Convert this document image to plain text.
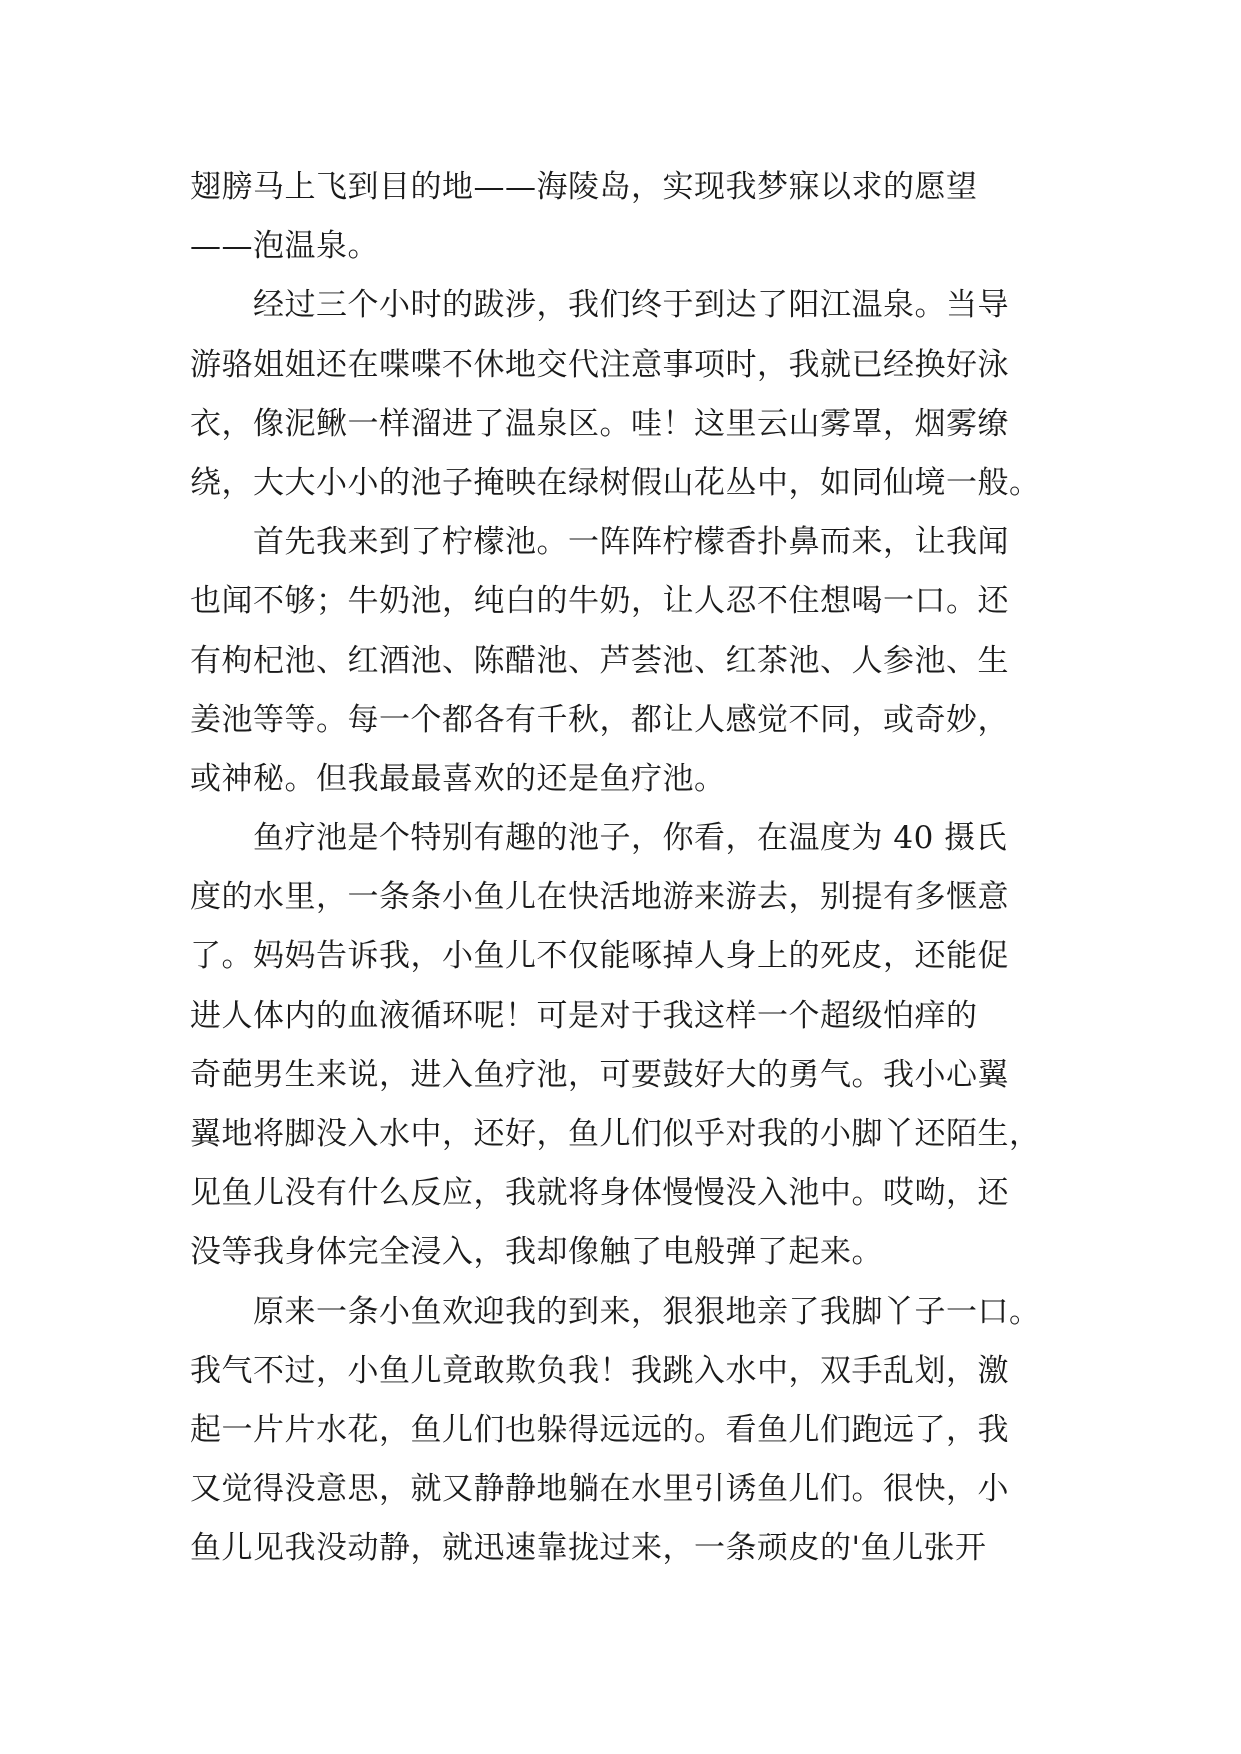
翅膀马上飞到目的地——海陵岛，实现我梦寐以求的愿望
——泡温泉。
　　经过三个小时的跋涉，我们终于到达了阳江温泉。当导
游骆姐姐还在喋喋不休地交代注意事项时，我就已经换好泳
衣，像泥鳅一样溜进了温泉区。哇！这里云山雾罩，烟雾缭
绕，大大小小的池子掩映在绿树假山花丛中，如同仙境一般。
　　首先我来到了柠檬池。一阵阵柠檬香扑鼻而来，让我闻
也闻不够；牛奶池，纯白的牛奶，让人忍不住想喝一口。还
有枸杞池、红酒池、陈醋池、芦荟池、红茶池、人参池、生
姜池等等。每一个都各有千秋，都让人感觉不同，或奇妙，
或神秘。但我最最喜欢的还是鱼疗池。
　　鱼疗池是个特别有趣的池子，你看，在温度为 40 摄氏
度的水里，一条条小鱼儿在快活地游来游去，别提有多惬意
了。妈妈告诉我，小鱼儿不仅能啄掉人身上的死皮，还能促
进人体内的血液循环呢！可是对于我这样一个超级怕痒的
奇葩男生来说，进入鱼疗池，可要鼓好大的勇气。我小心翼
翼地将脚没入水中，还好，鱼儿们似乎对我的小脚丫还陌生，
见鱼儿没有什么反应，我就将身体慢慢没入池中。哎呦，还
没等我身体完全浸入，我却像触了电般弹了起来。
　　原来一条小鱼欢迎我的到来，狠狠地亲了我脚丫子一口。
我气不过，小鱼儿竟敢欺负我！我跳入水中，双手乱划，激
起一片片水花，鱼儿们也躲得远远的。看鱼儿们跑远了，我
又觉得没意思，就又静静地躺在水里引诱鱼儿们。很快，小
鱼儿见我没动静，就迅速靠拢过来，一条顽皮的'鱼儿张开
